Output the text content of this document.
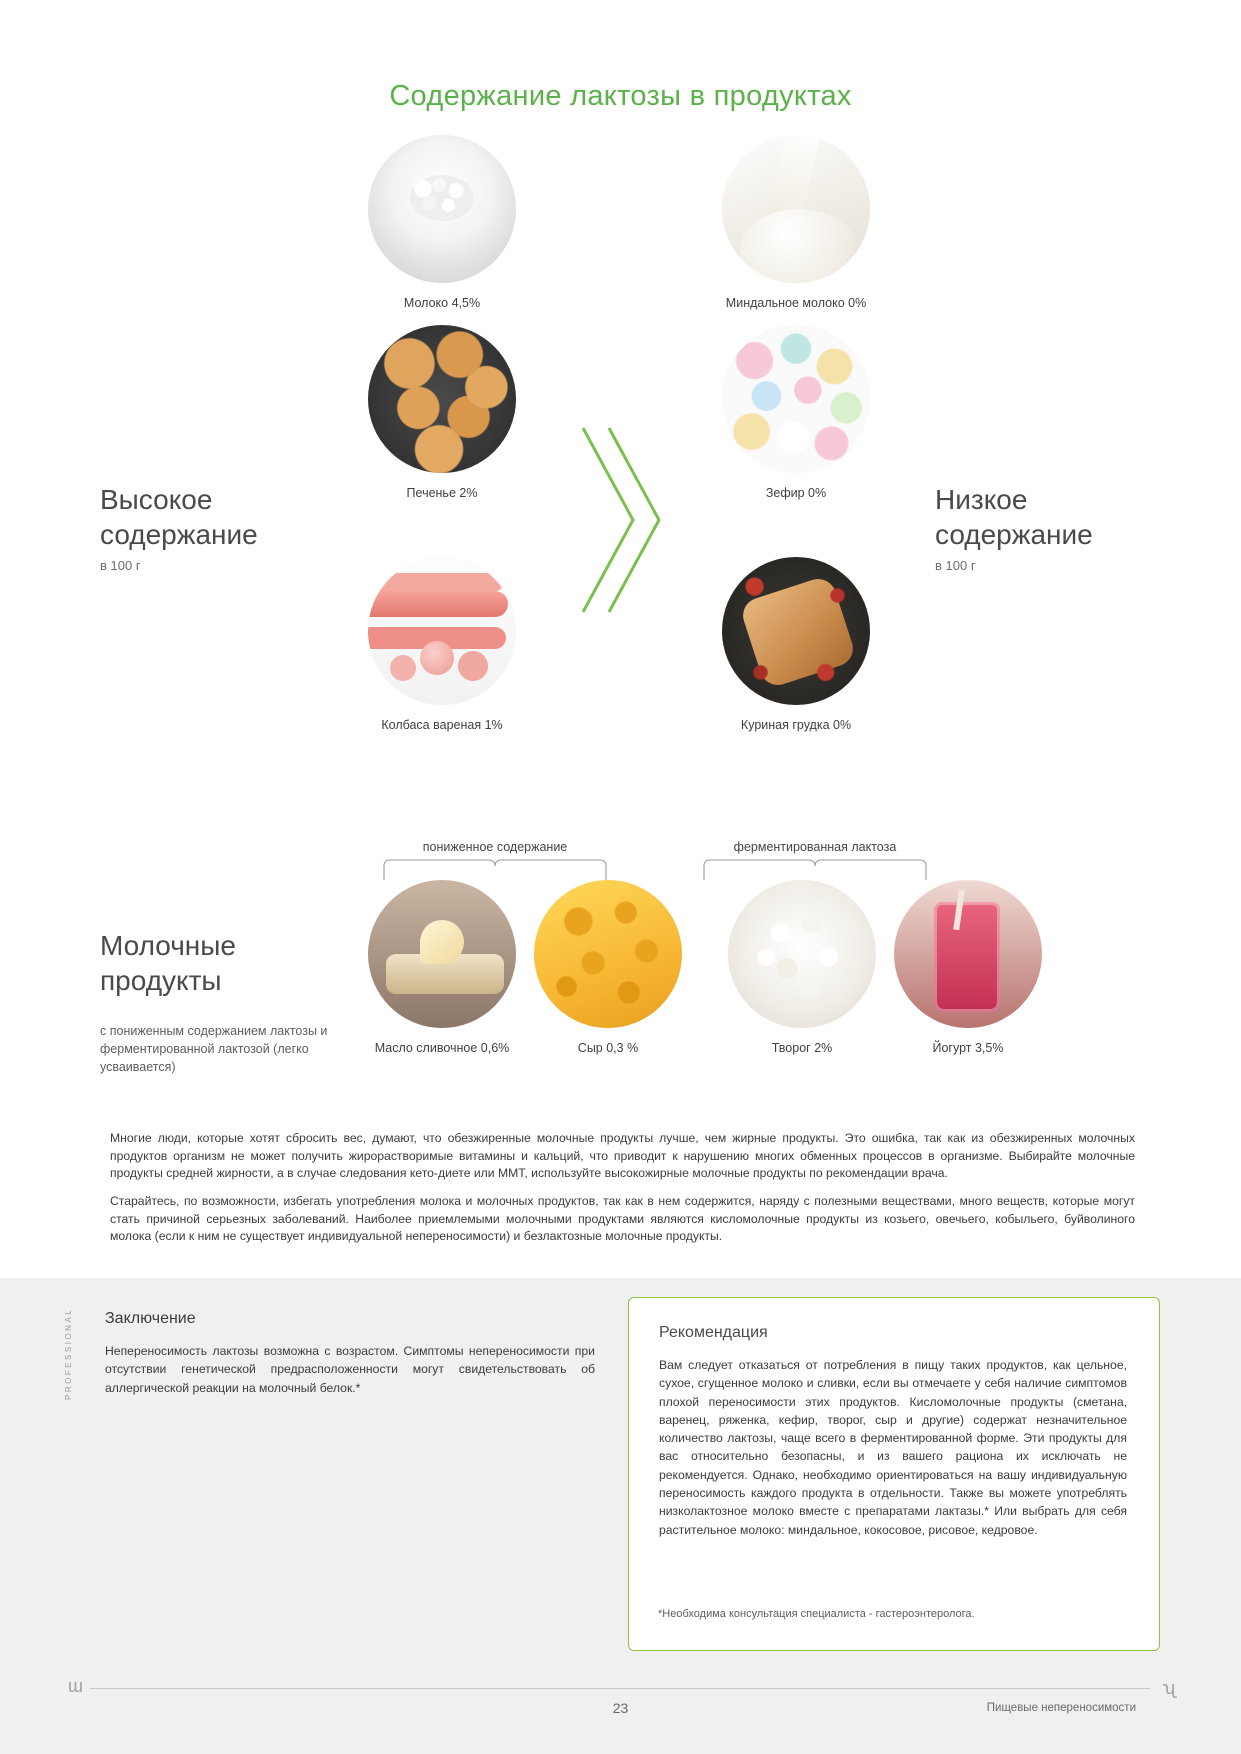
Содержание лактозы в продуктах
Высокое
содержание
в 100 г
Низкое
содержание
в 100 г
Молоко 4,5%
Печенье 2%
Колбаса вареная 1%
Миндальное молоко 0%
Зефир 0%
Куриная грудка 0%
Молочные
продукты
с пониженным содержанием лактозы и ферментированной лактозой (легко усваивается)
пониженное содержание	ферментированная лактоза
Масло сливочное 0,6%	Сыр 0,3 %	Творог 2%	Йогурт 3,5%

Многие люди, которые хотят сбросить вес, думают, что обезжиренные молочные продукты лучше, чем жирные продукты. Это ошибка, так как из обезжиренных молочных продуктов организм не может получить жирорастворимые витамины и кальций, что приводит к нарушению многих обменных процессов в организме. Выбирайте молочные продукты средней жирности, а в случае следования кето-диете или ММТ, используйте высокожирные молочные продукты по рекомендации врача.

Старайтесь, по возможности, избегать употребления молока и молочных продуктов, так как в нем содержится, наряду с полезными веществами, много веществ, которые могут стать причиной серьезных заболеваний. Наиболее приемлемыми молочными продуктами являются кисломолочные продукты из козьего, овечьего, кобыльего, буйволиного молока (если к ним не существует индивидуальной непереносимости) и безлактозные молочные продукты.

PROFESSIONAL Заключение

Непереносимость лактозы возможна с возрастом. Симптомы непереносимости при отсутствии генетической предрасположенности могут свидетельствовать об аллергической реакции на молочный белок.*

Рекомендация

Вам следует отказаться от потребления в пищу таких продуктов, как цельное, сухое, сгущенное молоко и сливки, если вы отмечаете у себя наличие симптомов плохой переносимости этих продуктов. Кисломолочные продукты (сметана, варенец, ряженка, кефир, творог, сыр и другие) содержат незначительное количество лактозы, чаще всего в ферментированной форме. Эти продукты для вас относительно безопасны, и из вашего рациона их исключать не рекомендуется. Однако, необходимо ориентироваться на вашу индивидуальную переносимость каждого продукта в отдельности. Также вы можете употреблять низколактозное молоко вместе с препаратами лактазы.* Или выбрать для себя растительное молоко: миндальное, кокосовое, рисовое, кедровое.

*Необходима консультация специалиста - гастероэнтеролога.
ɯ	ʯ
23	Пищевые непереносимости
